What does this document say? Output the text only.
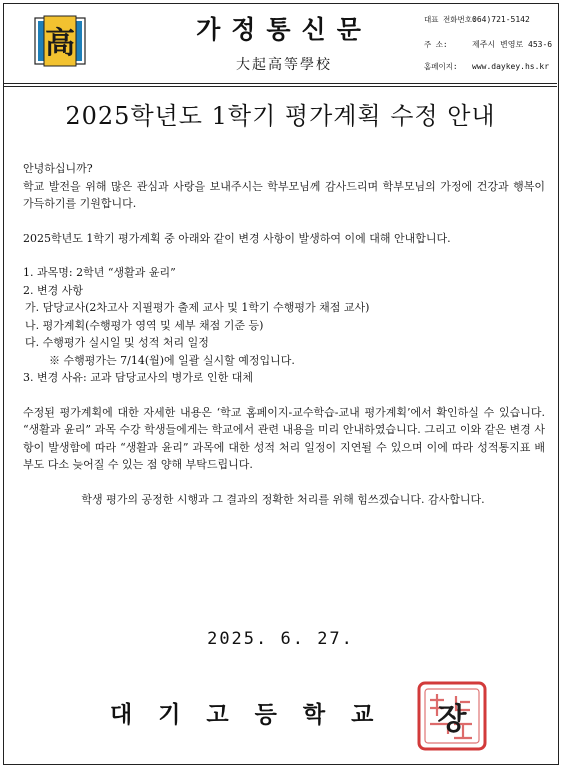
高	가정통신문
大起高等學校
대표 전화번호:064)721-5142
주 소:	제주시 변영로 453-6
홈페이지: www.daykey.hs.kr
2025학년도 1학기 평가계획 수정 안내

안녕하십니까?

학교 발전을 위해 많은 관심과 사랑을 보내주시는 학부모님께 감사드리며 학부모님의 가정에 건강과 행복이 가득하기를 기원합니다.

2025학년도 1학기 평가계획 중 아래와 같이 변경 사항이 발생하여 이에 대해 안내합니다.

1. 과목명: 2학년 “생활과 윤리”

2. 변경 사항

가. 담당교사(2차고사 지필평가 출제 교사 및 1학기 수행평가 채점 교사)

나. 평가계획(수행평가 영역 및 세부 채점 기준 등)

다. 수행평가 실시일 및 성적 처리 일정

※ 수행평가는 7/14(월)에 일괄 실시할 예정입니다.

3. 변경 사유: 교과 담당교사의 병가로 인한 대체

수정된 평가계획에 대한 자세한 내용은 ‘학교 홈페이지-교수학습-교내 평가계획’에서 확인하실 수 있습니다. “생활과 윤리” 과목 수강 학생들에게는 학교에서 관련 내용을 미리 안내하였습니다. 그리고 이와 같은 변경 사항이 발생함에 따라 “생활과 윤리” 과목에 대한 성적 처리 일정이 지연될 수 있으며 이에 따라 성적통지표 배부도 다소 늦어질 수 있는 점 양해 부탁드립니다.

학생 평가의 공정한 시행과 그 결과의 정확한 처리를 위해 힘쓰겠습니다. 감사합니다.

2025. 6. 27.
대기고등학교 장
